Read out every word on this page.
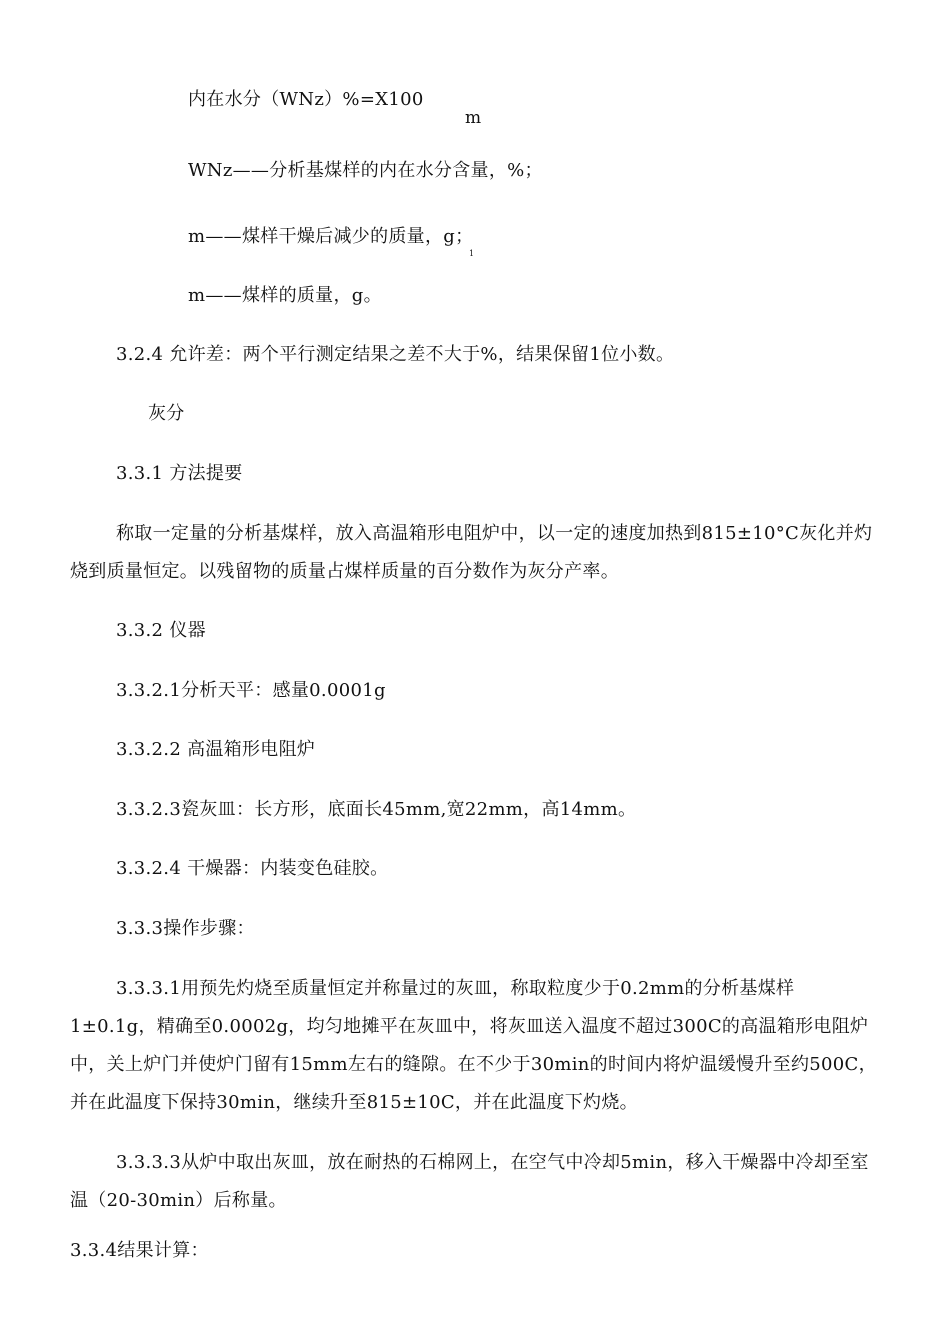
内在水分（WNz）%=X100
m
WNz——分析基煤样的内在水分含量，%；
m——煤样干燥后减少的质量，g；
1
m——煤样的质量，g。
3.2.4 允许差：两个平行测定结果之差不大于%，结果保留1位小数。
灰分
3.3.1 方法提要
称取一定量的分析基煤样，放入高温箱形电阻炉中，以一定的速度加热到815±10°C灰化并灼烧到质量恒定。以残留物的质量占煤样质量的百分数作为灰分产率。
3.3.2 仪器
3.3.2.1分析天平：感量0.0001g
3.3.2.2 高温箱形电阻炉
3.3.2.3瓷灰皿：长方形，底面长45mm,宽22mm，高14mm。
3.3.2.4 干燥器：内装变色硅胶。
3.3.3操作步骤：
3.3.3.1用预先灼烧至质量恒定并称量过的灰皿，称取粒度少于0.2mm的分析基煤样1±0.1g，精确至0.0002g，均匀地摊平在灰皿中，将灰皿送入温度不超过300C的高温箱形电阻炉中，关上炉门并使炉门留有15mm左右的缝隙。在不少于30min的时间内将炉温缓慢升至约500C，并在此温度下保持30min，继续升至815±10C，并在此温度下灼烧。
3.3.3.3从炉中取出灰皿，放在耐热的石棉网上，在空气中冷却5min，移入干燥器中冷却至室温（20-30min）后称量。
3.3.4结果计算：
